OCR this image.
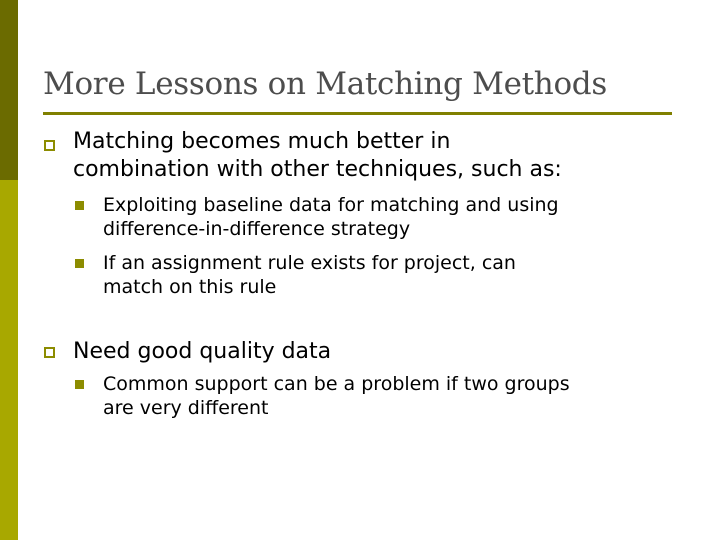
More Lessons on Matching Methods
Matching becomes much better in
combination with other techniques, such as:
Exploiting baseline data for matching and using
difference-in-difference strategy
If an assignment rule exists for project, can
match on this rule
Need good quality data
Common support can be a problem if two groups
are very different
